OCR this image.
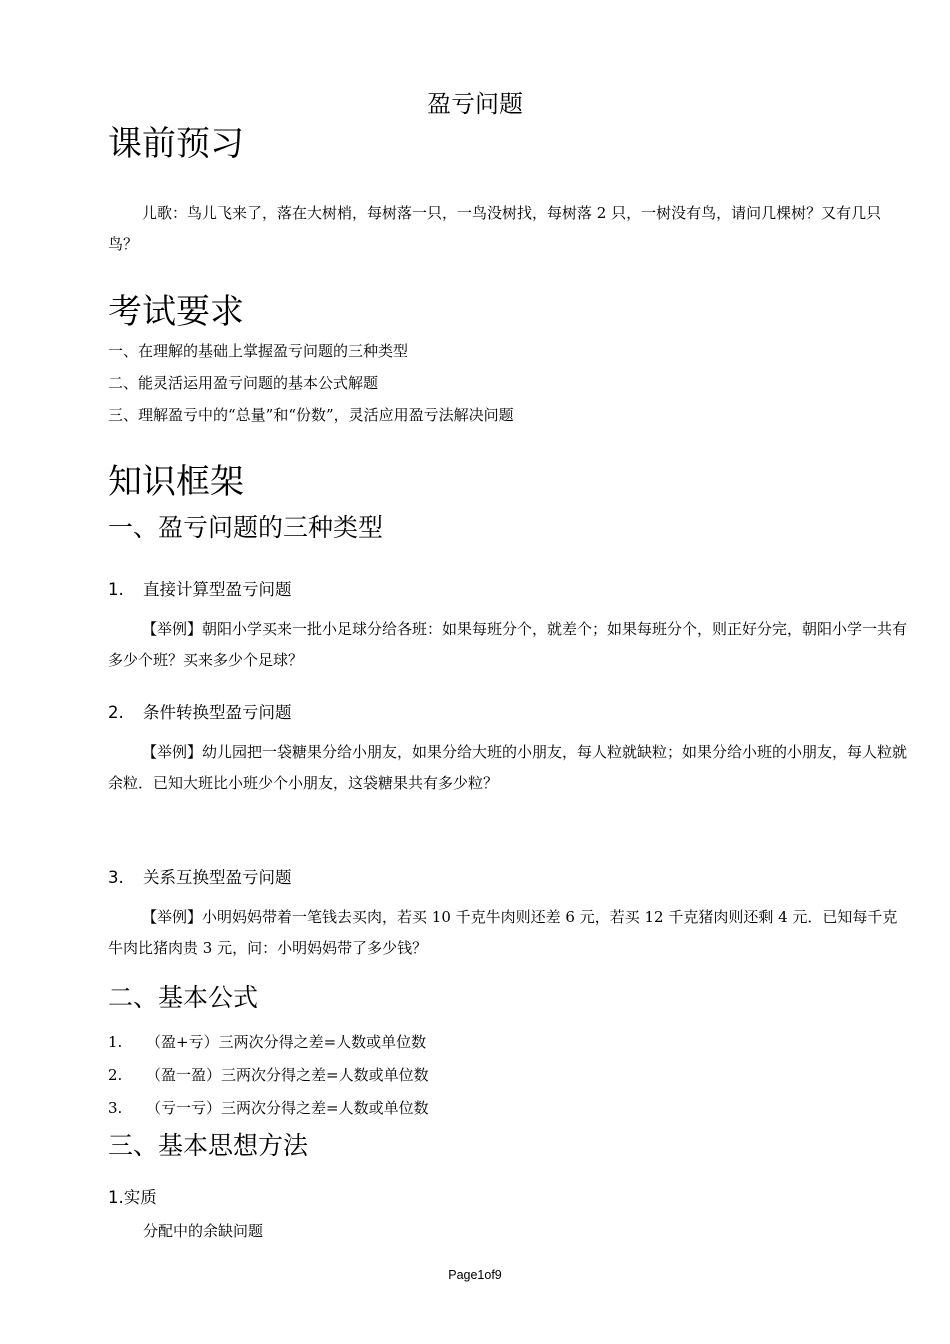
盈亏问题
课前预习
儿歌：鸟儿飞来了，落在大树梢，每树落一只，一鸟没树找，每树落 2 只，一树没有鸟，请问几棵树？又有几只鸟？
考试要求
一、在理解的基础上掌握盈亏问题的三种类型
二、能灵活运用盈亏问题的基本公式解题
三、理解盈亏中的“总量”和“份数”，灵活应用盈亏法解决问题
知识框架
一、盈亏问题的三种类型
1. 直接计算型盈亏问题
【举例】朝阳小学买来一批小足球分给各班：如果每班分个，就差个；如果每班分个，则正好分完，朝阳小学一共有多少个班？买来多少个足球？
2. 条件转换型盈亏问题
【举例】幼儿园把一袋糖果分给小朋友，如果分给大班的小朋友，每人粒就缺粒；如果分给小班的小朋友，每人粒就余粒．已知大班比小班少个小朋友，这袋糖果共有多少粒？
3. 关系互换型盈亏问题
【举例】小明妈妈带着一笔钱去买肉，若买 10 千克牛肉则还差 6 元，若买 12 千克猪肉则还剩 4 元．已知每千克牛肉比猪肉贵 3 元，问：小明妈妈带了多少钱？
二、基本公式
1. （盈+亏）三两次分得之差=人数或单位数
2. （盈一盈）三两次分得之差=人数或单位数
3. （亏一亏）三两次分得之差=人数或单位数
三、基本思想方法
1.实质
分配中的余缺问题
Page1of9
